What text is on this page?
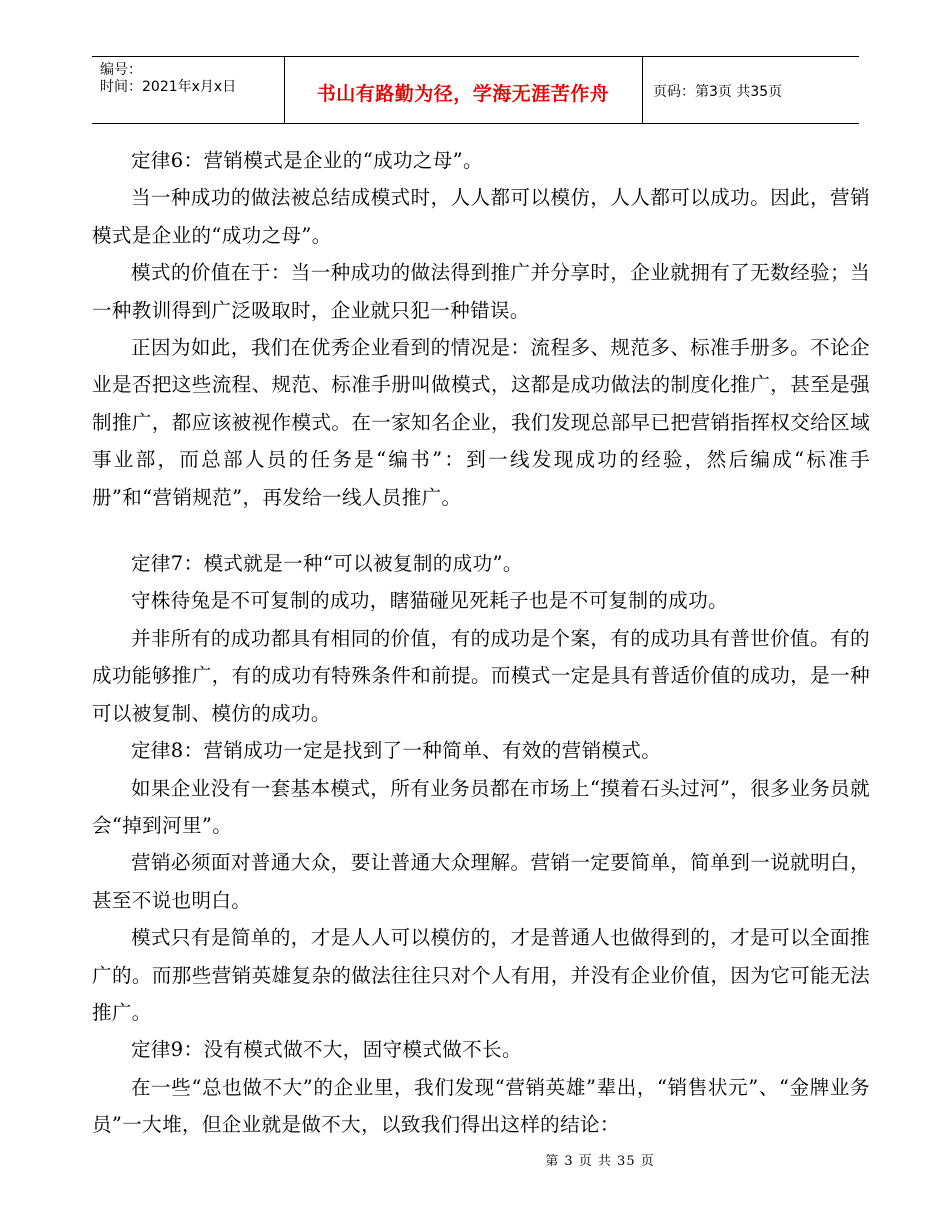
编号：
时间：2021年x月x日	书山有路勤为径，学海无涯苦作舟	页码：第3页 共35页

定律6：营销模式是企业的“成功之母”。

当一种成功的做法被总结成模式时，人人都可以模仿，人人都可以成功。因此，营销模式是企业的“成功之母”。

模式的价值在于：当一种成功的做法得到推广并分享时，企业就拥有了无数经验；当一种教训得到广泛吸取时，企业就只犯一种错误。

正因为如此，我们在优秀企业看到的情况是：流程多、规范多、标准手册多。不论企业是否把这些流程、规范、标准手册叫做模式，这都是成功做法的制度化推广，甚至是强制推广，都应该被视作模式。在一家知名企业，我们发现总部早已把营销指挥权交给区域事业部，而总部人员的任务是“编书”：到一线发现成功的经验，然后编成“标准手册”和“营销规范”，再发给一线人员推广。

定律7：模式就是一种“可以被复制的成功”。

守株待兔是不可复制的成功，瞎猫碰见死耗子也是不可复制的成功。

并非所有的成功都具有相同的价值，有的成功是个案，有的成功具有普世价值。有的成功能够推广，有的成功有特殊条件和前提。而模式一定是具有普适价值的成功，是一种可以被复制、模仿的成功。

定律8：营销成功一定是找到了一种简单、有效的营销模式。

如果企业没有一套基本模式，所有业务员都在市场上“摸着石头过河”，很多业务员就会“掉到河里”。

营销必须面对普通大众，要让普通大众理解。营销一定要简单，简单到一说就明白，甚至不说也明白。

模式只有是简单的，才是人人可以模仿的，才是普通人也做得到的，才是可以全面推广的。而那些营销英雄复杂的做法往往只对个人有用，并没有企业价值，因为它可能无法推广。

定律9：没有模式做不大，固守模式做不长。

在一些“总也做不大”的企业里，我们发现“营销英雄”辈出，“销售状元”、“金牌业务员”一大堆，但企业就是做不大，以致我们得出这样的结论：

第 3 页 共 35 页
